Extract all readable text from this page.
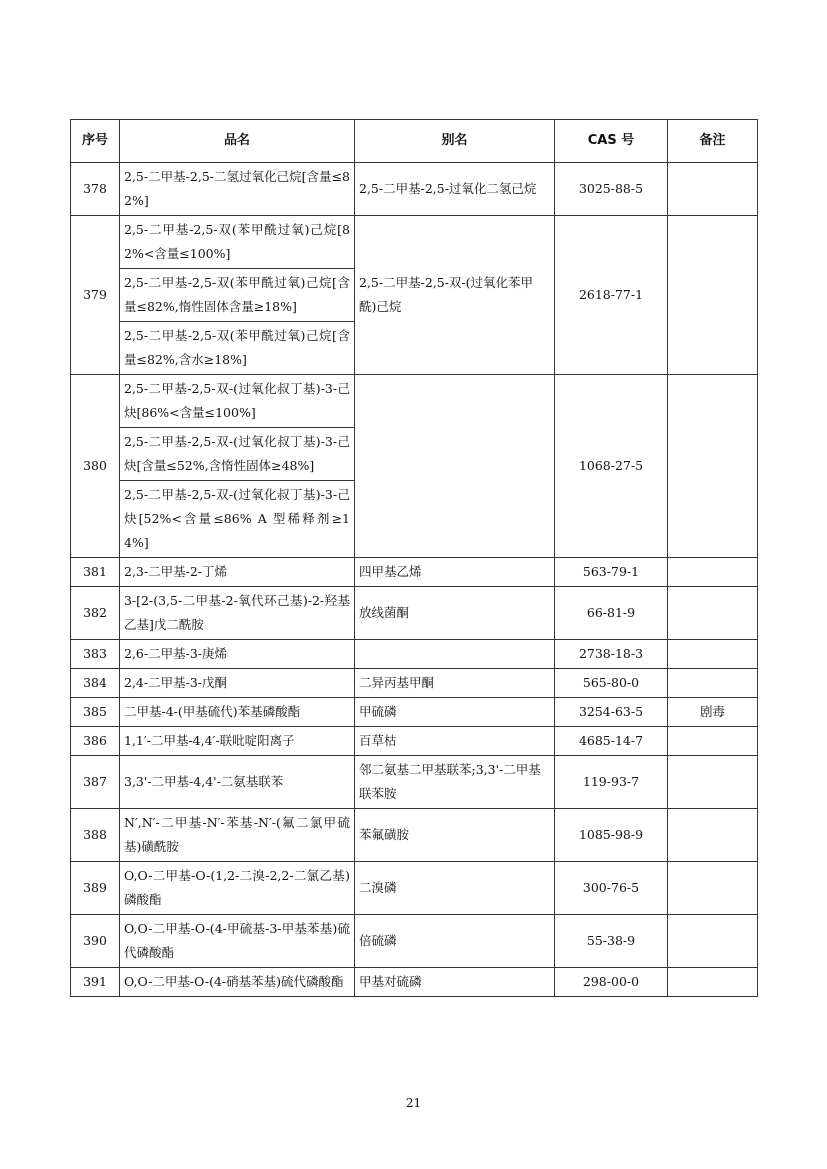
序号	品名	别名	CAS 号	备注
378	2,5-二甲基-2,5-二氢过氧化己烷[含量≤82%]	2,5-二甲基-2,5-过氧化二氢己烷	3025-88-5	
379	2,5-二甲基-2,5-双(苯甲酰过氧)己烷[82%<含量≤100%]	2,5-二甲基-2,5-双-(过氧化苯甲酰)己烷	2618-77-1	
	2,5-二甲基-2,5-双(苯甲酰过氧)己烷[含量≤82%,惰性固体含量≥18%]			
	2,5-二甲基-2,5-双(苯甲酰过氧)己烷[含量≤82%,含水≥18%]			
380	2,5-二甲基-2,5-双-(过氧化叔丁基)-3-己炔[86%<含量≤100%]		1068-27-5	
	2,5-二甲基-2,5-双-(过氧化叔丁基)-3-己炔[含量≤52%,含惰性固体≥48%]			
	2,5-二甲基-2,5-双-(过氧化叔丁基)-3-己炔[52%<含量≤86% A 型稀释剂≥14%]			
381	2,3-二甲基-2-丁烯	四甲基乙烯	563-79-1	
382	3-[2-(3,5-二甲基-2-氧代环己基)-2-羟基乙基]戊二酰胺	放线菌酮	66-81-9	
383	2,6-二甲基-3-庚烯		2738-18-3	
384	2,4-二甲基-3-戊酮	二异丙基甲酮	565-80-0	
385	二甲基-4-(甲基硫代)苯基磷酸酯	甲硫磷	3254-63-5	剧毒
386	1,1′-二甲基-4,4′-联吡啶阳离子	百草枯	4685-14-7	
387	3,3'-二甲基-4,4'-二氨基联苯	邻二氨基二甲基联苯;3,3'-二甲基联苯胺	119-93-7	
388	N′,N′-二甲基-N′-苯基-N′-(氟二氯甲硫基)磺酰胺	苯氟磺胺	1085-98-9	
389	O,O-二甲基-O-(1,2-二溴-2,2-二氯乙基)磷酸酯	二溴磷	300-76-5	
390	O,O-二甲基-O-(4-甲硫基-3-甲基苯基)硫代磷酸酯	倍硫磷	55-38-9	
391	O,O-二甲基-O-(4-硝基苯基)硫代磷酸酯	甲基对硫磷	298-00-0	
21
